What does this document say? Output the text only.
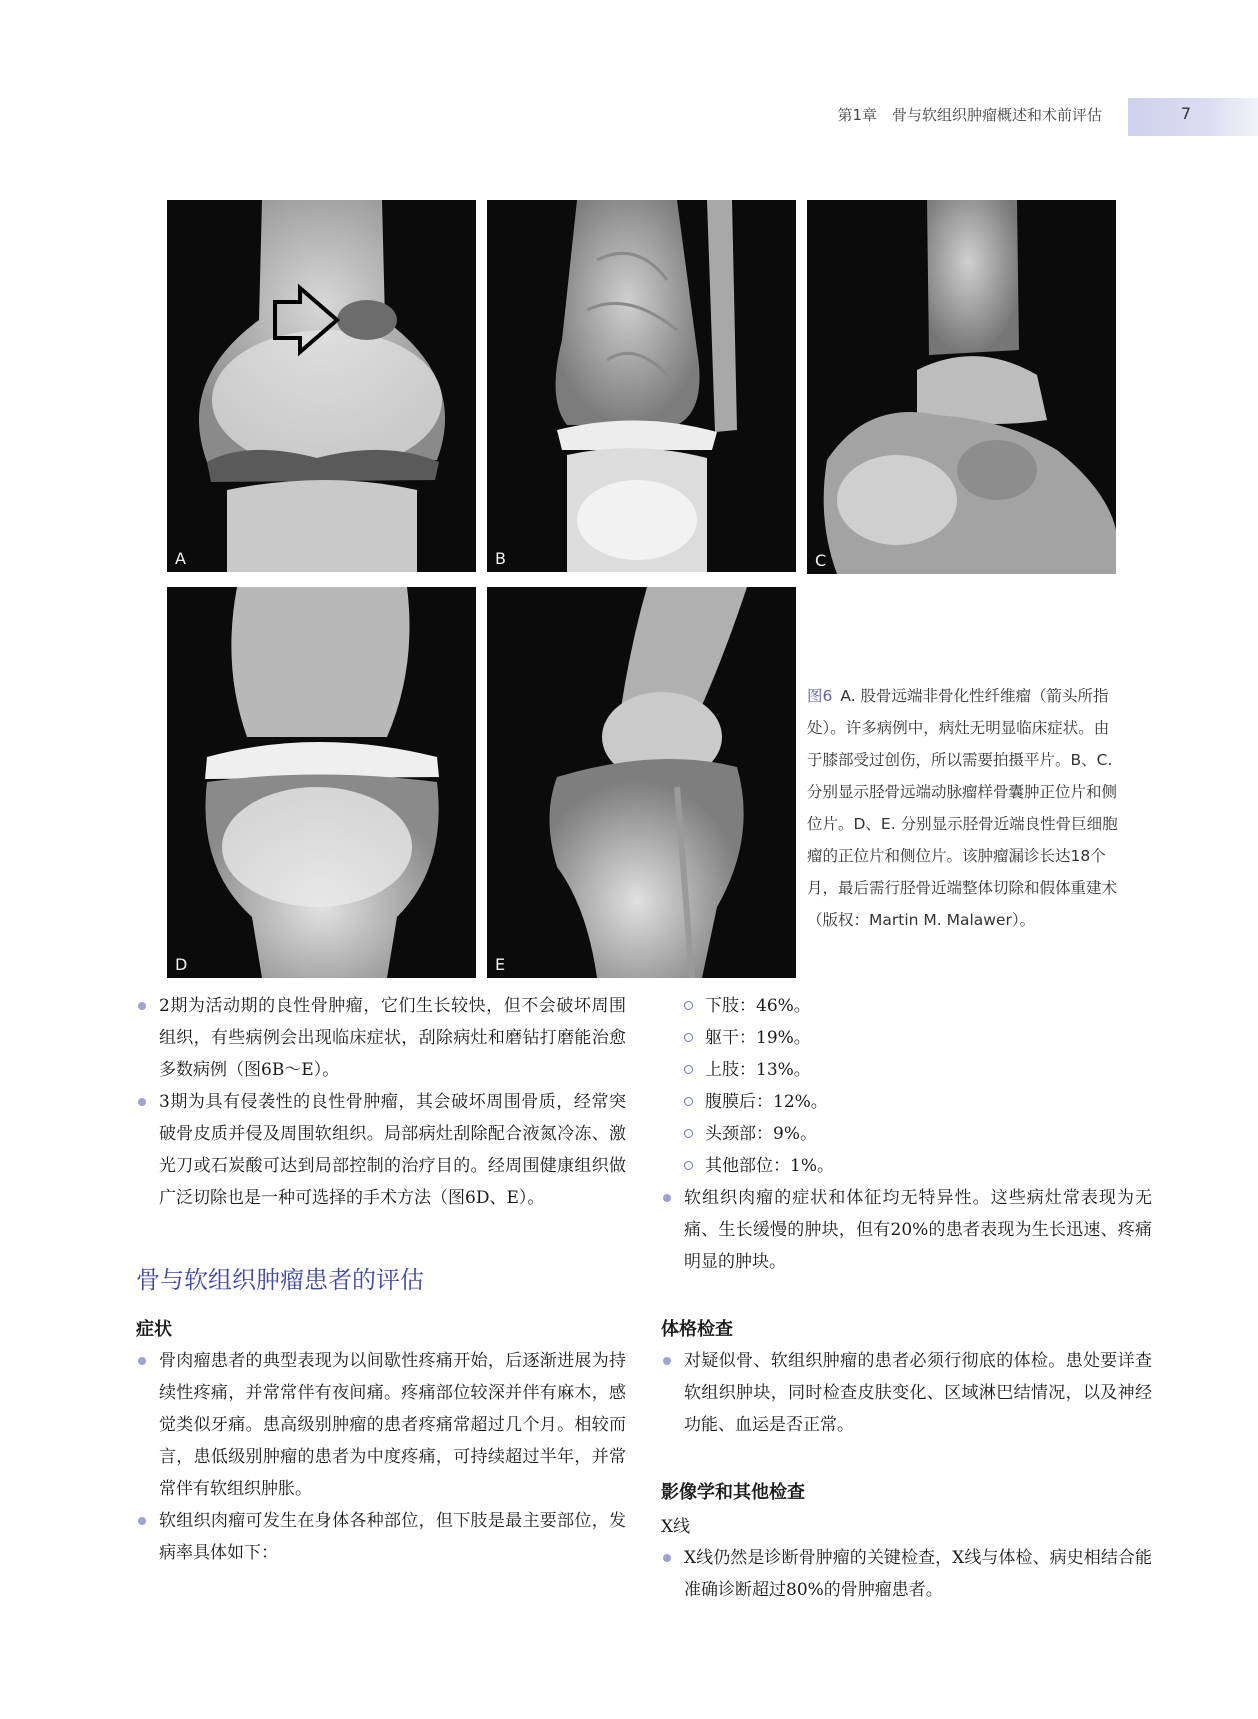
第1章　骨与软组织肿瘤概述和术前评估	7
A	B	C
D	E
图6 A. 股骨远端非骨化性纤维瘤（箭头所指处）。许多病例中，病灶无明显临床症状。由于膝部受过创伤，所以需要拍摄平片。B、C. 分别显示胫骨远端动脉瘤样骨囊肿正位片和侧位片。D、E. 分别显示胫骨近端良性骨巨细胞瘤的正位片和侧位片。该肿瘤漏诊长达18个月，最后需行胫骨近端整体切除和假体重建术（版权：Martin M. Malawer）。
2期为活动期的良性骨肿瘤，它们生长较快，但不会破坏周围组织，有些病例会出现临床症状，刮除病灶和磨钻打磨能治愈多数病例（图6B～E）。
3期为具有侵袭性的良性骨肿瘤，其会破坏周围骨质，经常突破骨皮质并侵及周围软组织。局部病灶刮除配合液氮冷冻、激光刀或石炭酸可达到局部控制的治疗目的。经周围健康组织做广泛切除也是一种可选择的手术方法（图6D、E）。
骨与软组织肿瘤患者的评估
症状
骨肉瘤患者的典型表现为以间歇性疼痛开始，后逐渐进展为持续性疼痛，并常常伴有夜间痛。疼痛部位较深并伴有麻木，感觉类似牙痛。患高级别肿瘤的患者疼痛常超过几个月。相较而言，患低级别肿瘤的患者为中度疼痛，可持续超过半年，并常常伴有软组织肿胀。
软组织肉瘤可发生在身体各种部位，但下肢是最主要部位，发病率具体如下：
下肢：46%。
躯干：19%。
上肢：13%。
腹膜后：12%。
头颈部：9%。
其他部位：1%。
软组织肉瘤的症状和体征均无特异性。这些病灶常表现为无痛、生长缓慢的肿块，但有20%的患者表现为生长迅速、疼痛明显的肿块。
体格检查
对疑似骨、软组织肿瘤的患者必须行彻底的体检。患处要详查软组织肿块，同时检查皮肤变化、区域淋巴结情况，以及神经功能、血运是否正常。
影像学和其他检查
X线
X线仍然是诊断骨肿瘤的关键检查，X线与体检、病史相结合能准确诊断超过80%的骨肿瘤患者。
